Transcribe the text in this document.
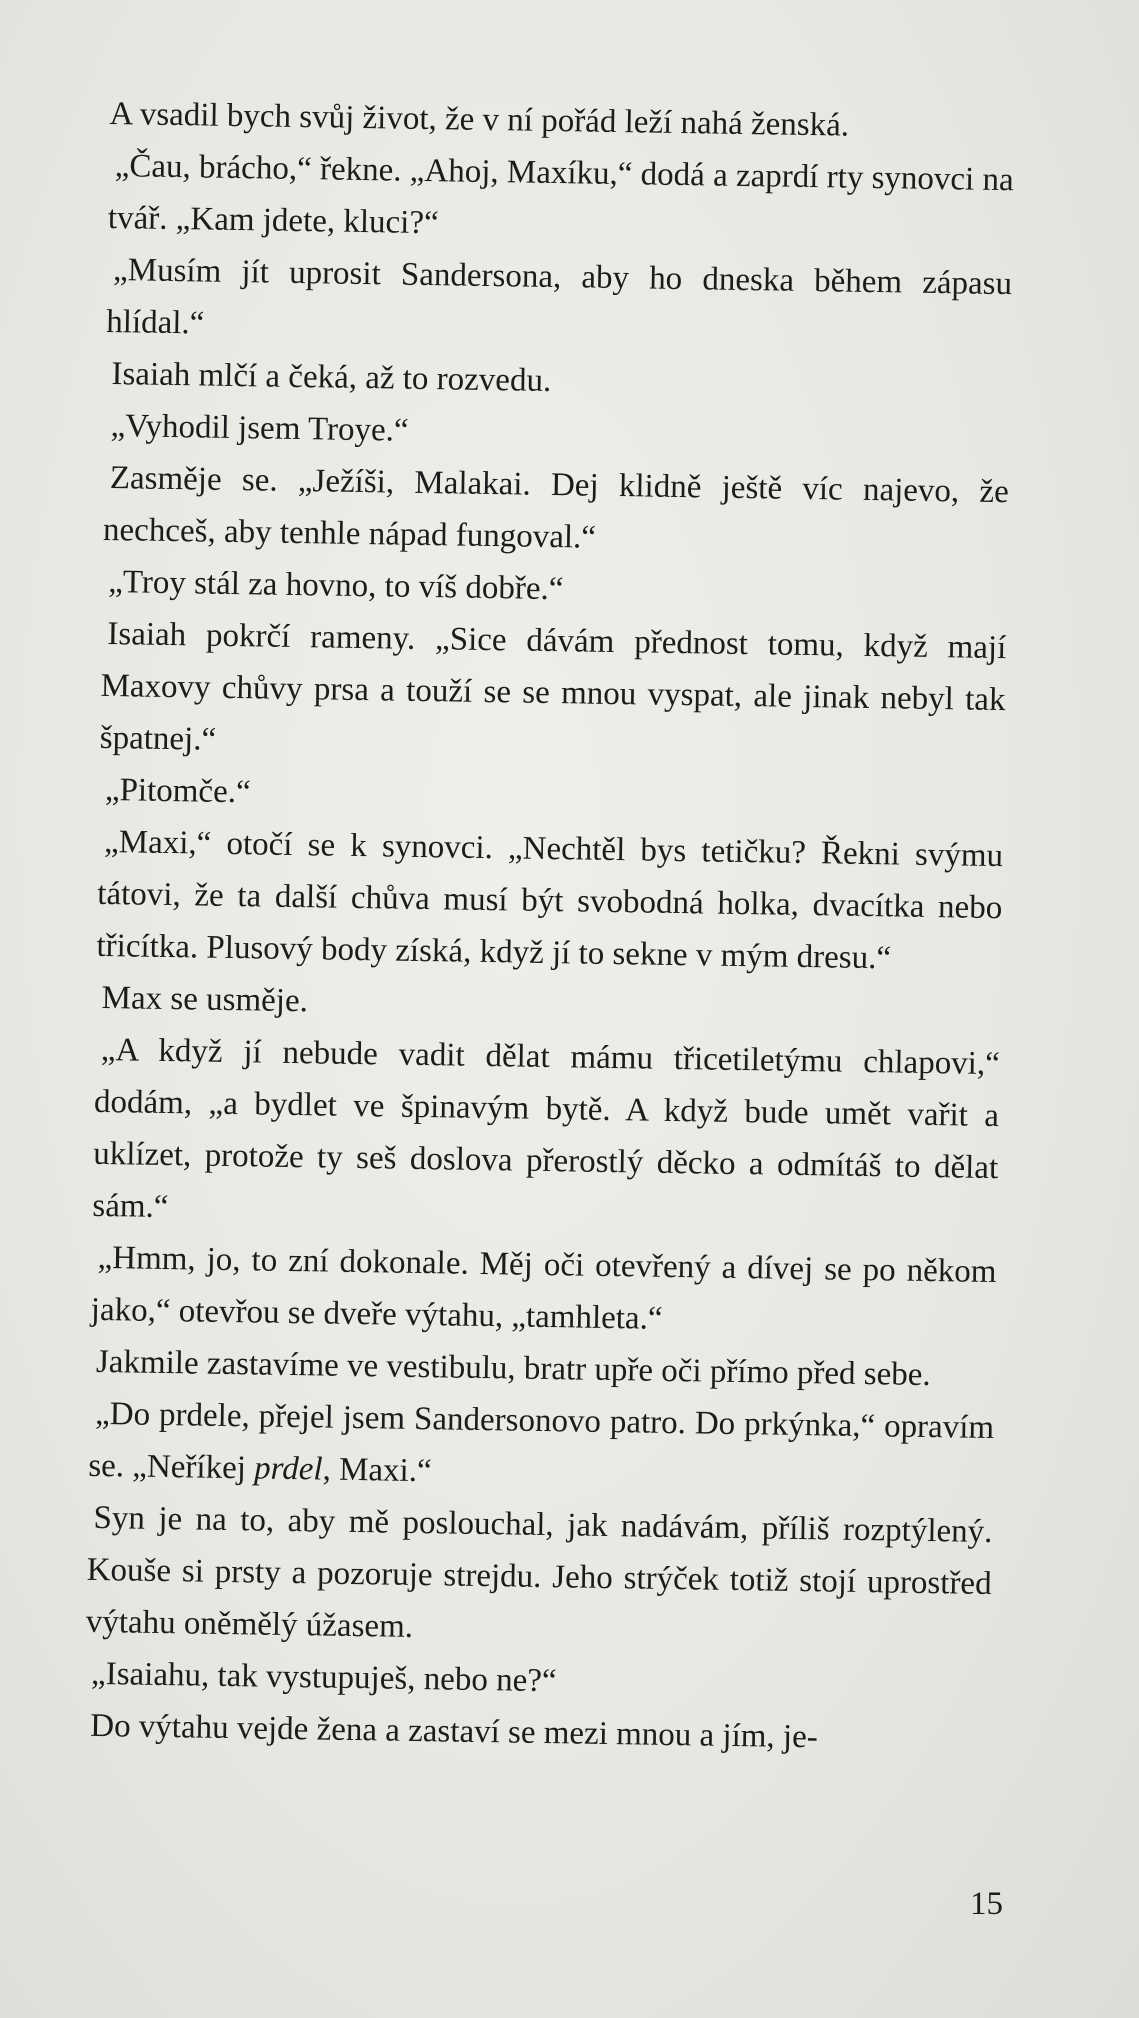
A vsadil bych svůj život, že v ní pořád leží nahá ženská.

„Čau, brácho,“ řekne. „Ahoj, Maxíku,“ dodá a zaprdí rty synovci na tvář. „Kam jdete, kluci?“

„Musím jít uprosit Sandersona, aby ho dneska během zápasu hlídal.“

Isaiah mlčí a čeká, až to rozvedu.

„Vyhodil jsem Troye.“

Zasměje se. „Ježíši, Malakai. Dej klidně ještě víc najevo, že nechceš, aby tenhle nápad fungoval.“

„Troy stál za hovno, to víš dobře.“

Isaiah pokrčí rameny. „Sice dávám přednost tomu, když mají Maxovy chůvy prsa a touží se se mnou vyspat, ale jinak nebyl tak špatnej.“

„Pitomče.“

„Maxi,“ otočí se k synovci. „Nechtěl bys tetičku? Řekni svýmu tátovi, že ta další chůva musí být svobodná holka, dvacítka nebo třicítka. Plusový body získá, když jí to sekne v mým dresu.“

Max se usměje.

„A když jí nebude vadit dělat mámu třicetiletýmu chlapovi,“ dodám, „a bydlet ve špinavým bytě. A když bude umět vařit a uklízet, protože ty seš doslova přerostlý děcko a odmítáš to dělat sám.“

„Hmm, jo, to zní dokonale. Měj oči otevřený a dívej se po někom jako,“ otevřou se dveře výtahu, „tamhleta.“

Jakmile zastavíme ve vestibulu, bratr upře oči přímo před sebe.

„Do prdele, přejel jsem Sandersonovo patro. Do prkýnka,“ opravím se. „Neříkej prdel, Maxi.“

Syn je na to, aby mě poslouchal, jak nadávám, příliš rozptýlený. Kouše si prsty a pozoruje strejdu. Jeho strýček totiž stojí uprostřed výtahu oněmělý úžasem.

„Isaiahu, tak vystupuješ, nebo ne?“

Do výtahu vejde žena a zastaví se mezi mnou a jím, je-

15
